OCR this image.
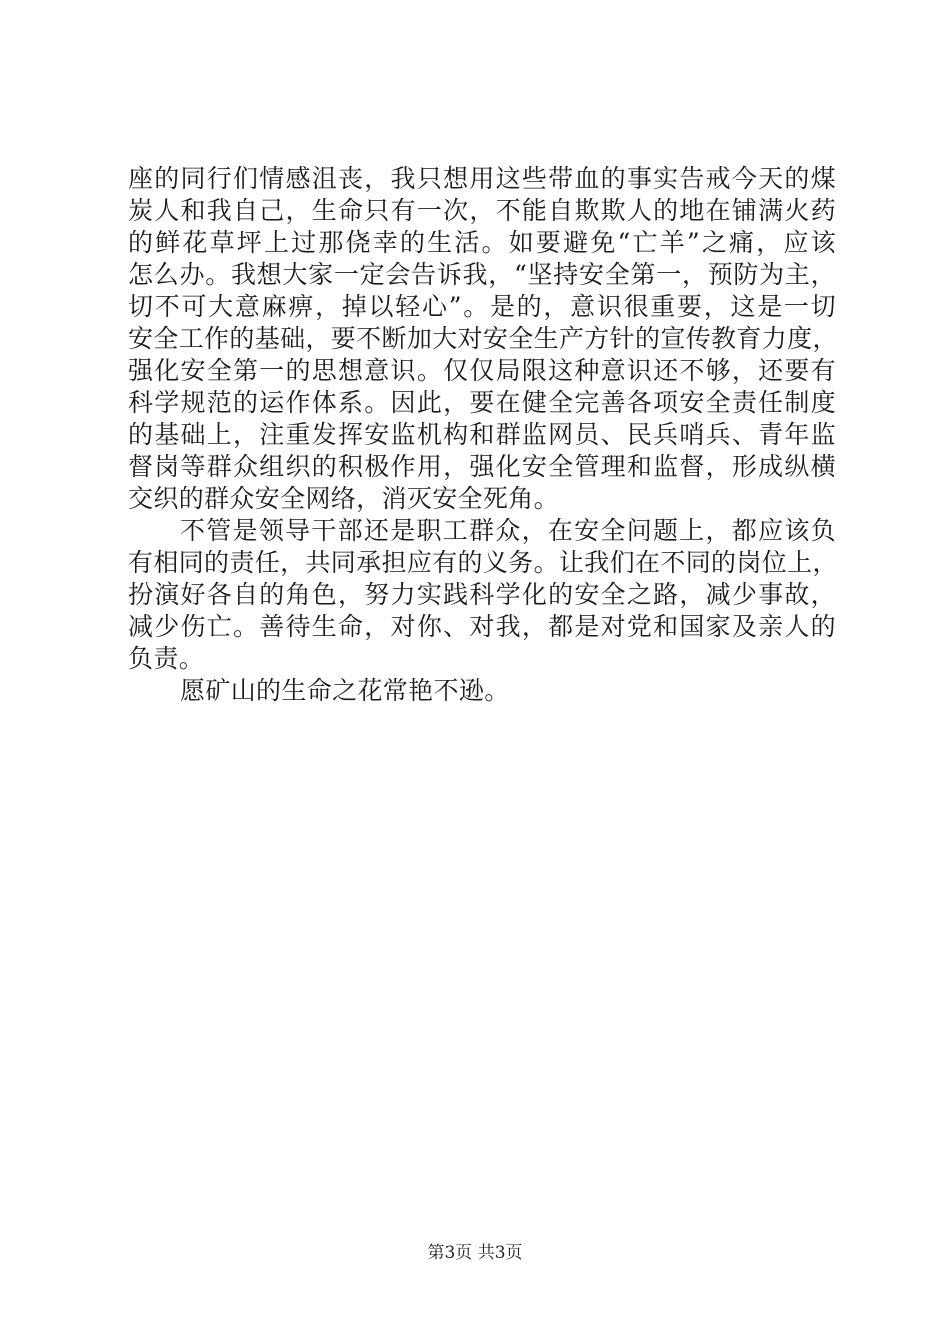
座的同行们情感沮丧，我只想用这些带血的事实告戒今天的煤
炭人和我自己，生命只有一次，不能自欺欺人的地在铺满火药
的鲜花草坪上过那侥幸的生活。如要避免“亡羊”之痛，应该
怎么办。我想大家一定会告诉我，“坚持安全第一，预防为主，
切不可大意麻痹，掉以轻心”。是的，意识很重要，这是一切
安全工作的基础，要不断加大对安全生产方针的宣传教育力度，
强化安全第一的思想意识。仅仅局限这种意识还不够，还要有
科学规范的运作体系。因此，要在健全完善各项安全责任制度
的基础上，注重发挥安监机构和群监网员、民兵哨兵、青年监
督岗等群众组织的积极作用，强化安全管理和监督，形成纵横
交织的群众安全网络，消灭安全死角。
不管是领导干部还是职工群众，在安全问题上，都应该负
有相同的责任，共同承担应有的义务。让我们在不同的岗位上，
扮演好各自的角色，努力实践科学化的安全之路，减少事故，
减少伤亡。善待生命，对你、对我，都是对党和国家及亲人的
负责。
愿矿山的生命之花常艳不逊。
第3页 共3页
